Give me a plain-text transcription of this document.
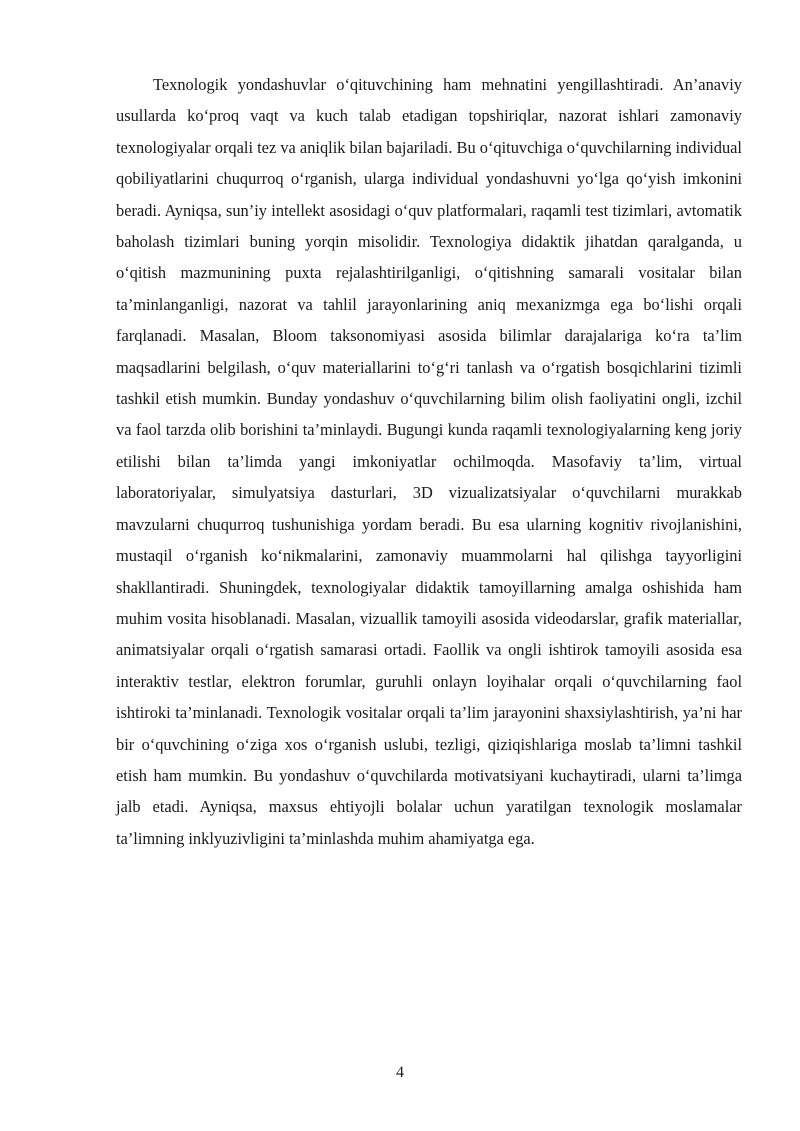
Texnologik yondashuvlar oʻqituvchining ham mehnatini yengillashtiradi. An’anaviy usullarda koʻproq vaqt va kuch talab etadigan topshiriqlar, nazorat ishlari zamonaviy texnologiyalar orqali tez va aniqlik bilan bajariladi. Bu oʻqituvchiga oʻquvchilarning individual qobiliyatlarini chuqurroq oʻrganish, ularga individual yondashuvni yoʻlga qoʻyish imkonini beradi. Ayniqsa, sun’iy intellekt asosidagi oʻquv platformalari, raqamli test tizimlari, avtomatik baholash tizimlari buning yorqin misolidir. Texnologiya didaktik jihatdan qaralganda, u oʻqitish mazmunining puxta rejalashtirilganligi, oʻqitishning samarali vositalar bilan ta’minlanganligi, nazorat va tahlil jarayonlarining aniq mexanizmga ega boʻlishi orqali farqlanadi. Masalan, Bloom taksonomiyasi asosida bilimlar darajalariga koʻra ta’lim maqsadlarini belgilash, oʻquv materiallarini toʻgʻri tanlash va oʻrgatish bosqichlarini tizimli tashkil etish mumkin. Bunday yondashuv oʻquvchilarning bilim olish faoliyatini ongli, izchil va faol tarzda olib borishini ta’minlaydi. Bugungi kunda raqamli texnologiyalarning keng joriy etilishi bilan ta’limda yangi imkoniyatlar ochilmoqda. Masofaviy ta’lim, virtual laboratoriyalar, simulyatsiya dasturlari, 3D vizualizatsiyalar oʻquvchilarni murakkab mavzularni chuqurroq tushunishiga yordam beradi. Bu esa ularning kognitiv rivojlanishini, mustaqil oʻrganish koʻnikmalarini, zamonaviy muammolarni hal qilishga tayyorligini shakllantiradi. Shuningdek, texnologiyalar didaktik tamoyillarning amalga oshishida ham muhim vosita hisoblanadi. Masalan, vizuallik tamoyili asosida videodarslar, grafik materiallar, animatsiyalar orqali oʻrgatish samarasi ortadi. Faollik va ongli ishtirok tamoyili asosida esa interaktiv testlar, elektron forumlar, guruhli onlayn loyihalar orqali oʻquvchilarning faol ishtiroki ta’minlanadi. Texnologik vositalar orqali ta’lim jarayonini shaxsiylashtirish, ya’ni har bir oʻquvchining oʻziga xos oʻrganish uslubi, tezligi, qiziqishlariga moslab ta’limni tashkil etish ham mumkin. Bu yondashuv oʻquvchilarda motivatsiyani kuchaytiradi, ularni ta’limga jalb etadi. Ayniqsa, maxsus ehtiyojli bolalar uchun yaratilgan texnologik moslamalar ta’limning inklyuzivligini ta’minlashda muhim ahamiyatga ega.

4
